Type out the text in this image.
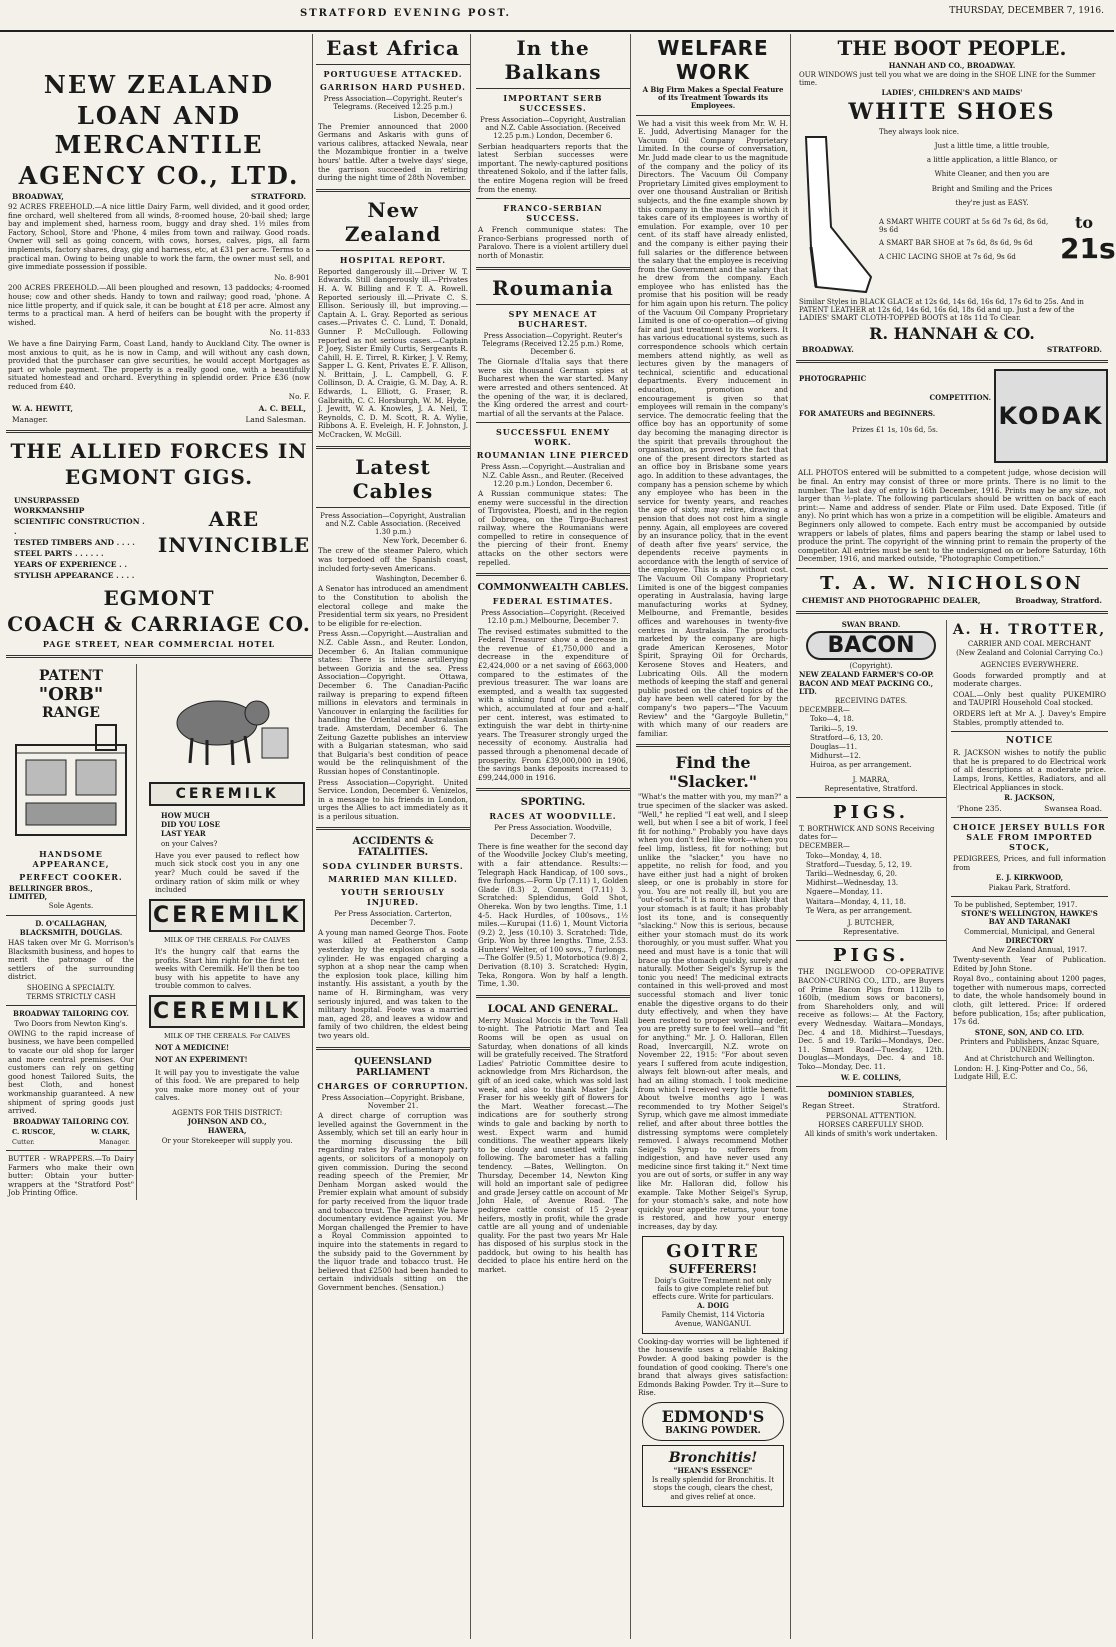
STRATFORD EVENING POST.	THURSDAY, DECEMBER 7, 1916.
NEW ZEALAND
LOAN AND MERCANTILE
AGENCY CO., LTD.
BROADWAY,	STRATFORD.
92 ACRES FREEHOLD.—A nice little Dairy Farm, well divided, and it good order, fine orchard, well sheltered from all winds, 8-roomed house, 20-bail shed; large bay and implement shed, harness room, buggy and dray shed. 1½ miles from Factory, School, Store and 'Phone, 4 miles from town and railway. Good roads. Owner will sell as going concern, with cows, horses, calves, pigs, all farm implements, factory shares, dray, gig and harness, etc, at £31 per acre. Terms to a practical man. Owing to being unable to work the farm, the owner must sell, and give immediate possession if possible.
No. 8-901
200 ACRES FREEHOLD.—All been ploughed and resown, 13 paddocks; 4-roomed house; cow and other sheds. Handy to town and railway; good road, 'phone. A nice little property, and if quick sale, it can be bought at £18 per acre. Almost any terms to a practical man. A herd of heifers can be bought with the property if wished.
No. 11-833
We have a fine Dairying Farm, Coast Land, handy to Auckland City. The owner is most anxious to quit, as he is now in Camp, and will without any cash down, provided that the purchaser can give securities, he would accept Mortgages as part or whole payment. The property is a really good one, with a beautifully situated homestead and orchard. Everything in splendid order. Price £36 (now reduced from £40.
No. F.
W. A. HEWITT,	A. C. BELL,
Manager.	Land Salesman.
THE ALLIED FORCES IN
EGMONT GIGS.
UNSURPASSED WORKMANSHIP
SCIENTIFIC CONSTRUCTION . .
TESTED TIMBERS AND . . . .
STEEL PARTS . . . . . .
YEARS OF EXPERIENCE . .
STYLISH APPEARANCE . . . .
ARE
INVINCIBLE
EGMONT
COACH & CARRIAGE CO.
PAGE STREET, NEAR COMMERCIAL HOTEL
PATENT
"ORB"
RANGE
HANDSOME APPEARANCE,
PERFECT COOKER.
BELLRINGER BROS., LIMITED,
Sole Agents.
D. O'CALLAGHAN,
BLACKSMITH, DOUGLAS.
HAS taken over Mr G. Morrison's Blacksmith business, and hopes to merit the patronage of the settlers of the surrounding district.
SHOEING A SPECIALTY.
TERMS STRICTLY CASH
BROADWAY TAILORING COY.
Two Doors from Newton King's.
OWING to the rapid increase of business, we have been compelled to vacate our old shop for larger and more central premises. Our customers can rely on getting good honest Tailored Suits, the best Cloth, and honest workmanship guaranteed. A new shipment of spring goods just arrived.
BROADWAY TAILORING COY.
C. RUSCOE,	W. CLARK,
Cutter.	Manager.
BUTTER - WRAPPERS.—To Dairy Farmers who make their own butter: Obtain your butter-wrappers at the "Stratford Post" Job Printing Office.
CEREMILK
HOW MUCH
DID YOU LOSE
LAST YEAR
on your Calves?
Have you ever paused to reflect how much sick stock cost you in any one year? Much could be saved if the ordinary ration of skim milk or whey included
CEREMILK
MILK OF THE CEREALS. For CALVES
It's the hungry calf that earns the profits. Start him right for the first ten weeks with Ceremilk. He'll then be too busy with his appetite to have any trouble common to calves.
CEREMILK
MILK OF THE CEREALS. For CALVES
NOT A MEDICINE!
NOT AN EXPERIMENT!
It will pay you to investigate the value of this food. We are prepared to help you make more money out of your calves.
AGENTS FOR THIS DISTRICT:
JOHNSON AND CO.,
HAWERA,
Or your Storekeeper will supply you.
East Africa
PORTUGUESE ATTACKED.
GARRISON HARD PUSHED.
Press Association—Copyright. Reuter's Telegrams. (Received 12.25 p.m.)
Lisbon, December 6.
The Premier announced that 2000 Germans and Askaris with guns of various calibres, attacked Newala, near the Mozambique frontier in a twelve hours' battle. After a twelve days' siege, the garrison succeeded in retiring during the night time of 28th November.
New Zealand
HOSPITAL REPORT.
Reported dangerously ill.—Driver W. T. Edwards. Still dangerously ill.—Privates H. A. W. Billing and F. T. A. Rowell. Reported seriously ill.—Private C. S. Ellison. Seriously ill, but improving.—Captain A. L. Gray. Reported as serious cases.—Privates C. C. Lund, T. Donald, Gunner P. McCullough. Following reported as not serious cases.—Captain P. Joey, Sister Emily Curtis, Sergeants R. Cahill, H. E. Tirrel, R. Kirker, J. V. Remy, Sapper L. G. Kent, Privates E. F. Allison, N. Brittain, J. L. Campbell, G. F. Collinson, D. A. Craigie, G. M. Day, A. R. Edwards, L. Elliott, G. Fraser, R. Galbraith, C. C. Horsburgh, W. M. Hyde, J. Jewitt, W. A. Knowles, J. A. Neil, T. Reynolds, C. D. M. Scott, R. A. Wylie, Ribbons A. E. Eveleigh, H. F. Johnston, J. McCracken, W. McGill.
Latest Cables
Press Association—Copyright, Australian and N.Z. Cable Association. (Received 1.30 p.m.)
New York, December 6.
The crew of the steamer Palero, which was torpedoed off the Spanish coast, included forty-seven Americans.
Washington, December 6.
A Senator has introduced an amendment to the Constitution to abolish the electoral college and make the Presidential term six years, no President to be eligible for re-election.
Press Assn.—Copyright.—Australian and N.Z. Cable Assn., and Reuter. London, December 6. An Italian communique states: There is intense artillerying between Gorizia and the sea. Press Association—Copyright. Ottawa, December 6. The Canadian-Pacific railway is preparing to expend fifteen millions in elevators and terminals in Vancouver in enlarging the facilities for handling the Oriental and Australasian trade. Amsterdam, December 6. The Zeitung Gazette publishes an interview with a Bulgarian statesman, who said that Bulgaria's best condition of peace would be the relinquishment of the Russian hopes of Constantinople.
Press Association—Copyright. United Service. London, December 6. Venizelos, in a message to his friends in London, urges the Allies to act immediately as it is a perilous situation.
ACCIDENTS & FATALITIES.
SODA CYLINDER BURSTS.
MARRIED MAN KILLED.
YOUTH SERIOUSLY INJURED.
Per Press Association. Carterton, December 7.
A young man named George Thos. Foote was killed at Featherston Camp yesterday by the explosion of a soda cylinder. He was engaged charging a syphon at a shop near the camp when the explosion took place, killing him instantly. His assistant, a youth by the name of H. Birmingham, was very seriously injured, and was taken to the military hospital. Foote was a married man, aged 28, and leaves a widow and family of two children, the eldest being two years old.
QUEENSLAND PARLIAMENT
CHARGES OF CORRUPTION.
Press Association—Copyright. Brisbane, November 21.
A direct charge of corruption was levelled against the Government in the Assembly, which set till an early hour in the morning discussing the bill regarding rates by Parliamentary party agents, or solicitors of a monopoly on given commission. During the second reading speech of the Premier, Mr Denham Morgan asked would the Premier explain what amount of subsidy for party received from the liquor trade and tobacco trust. The Premier: We have documentary evidence against you. Mr Morgan challenged the Premier to have a Royal Commission appointed to inquire into the statements in regard to the subsidy paid to the Government by the liquor trade and tobacco trust. He believed that £2500 had been handed to certain individuals sitting on the Government benches. (Sensation.)
In the Balkans
IMPORTANT SERB SUCCESSES.
Press Association—Copyright, Australian and N.Z. Cable Association. (Received 12.25 p.m.) London, December 6.
Serbian headquarters reports that the latest Serbian successes were important. The newly-captured positions threatened Sokolo, and if the latter falls, the entire Mogena region will be freed from the enemy.
FRANCO-SERBIAN SUCCESS.
A French communique states: The Franco-Serbians progressed north of Paralovo. There is a violent artillery duel north of Monastir.
Roumania
SPY MENACE AT BUCHAREST.
Press Association—Copyright. Reuter's Telegrams (Received 12.25 p.m.) Rome, December 6.
The Giornale d'Italia says that there were six thousand German spies at Bucharest when the war started. Many were arrested and others sentenced. At the opening of the war, it is declared, the King ordered the arrest and court-martial of all the servants at the Palace.
SUCCESSFUL ENEMY WORK.
ROUMANIAN LINE PIERCED
Press Assn.—Copyright.—Australian and N.Z. Cable Assn., and Reuter. (Received 12.20 p.m.) London, December 6.
A Russian communique states: The enemy were successful in the direction of Tirgovistea, Ploesti, and in the region of Dobrogea, on the Tirgo-Bucharest railway, where the Roumanians were compelled to retire in consequence of the piercing of their front. Enemy attacks on the other sectors were repelled.
COMMONWEALTH CABLES.
FEDERAL ESTIMATES.
Press Association—Copyright. (Received 12.10 p.m.) Melbourne, December 7.
The revised estimates submitted to the Federal Treasurer show a decrease in the revenue of £1,750,000 and a decrease in the expenditure of £2,424,000 or a net saving of £663,000 compared to the estimates of the previous treasurer. The war loans are exempted, and a wealth tax suggested with a sinking fund of one per cent., which, accumulated at four and a-half per cent. interest, was estimated to extinguish the war debt in thirty-nine years. The Treasurer strongly urged the necessity of economy. Australia had passed through a phenomenal decade of prosperity. From £39,000,000 in 1906, the savings banks deposits increased to £99,244,000 in 1916.
SPORTING.
RACES AT WOODVILLE.
Per Press Association. Woodville, December 7.
There is fine weather for the second day of the Woodville Jockey Club's meeting, with a fair attendance. Results:— Telegraph Hack Handicap, of 100 sovs., five furlongs.—Form Up (7.11) 1, Golden Glade (8.3) 2, Comment (7.11) 3. Scratched: Splendidus, Gold Shot, Ohereka. Won by two lengths. Time, 1.1 4-5. Hack Hurdles, of 100sovs., 1½ miles.—Kurupai (11.6) 1, Mount Victoria (9.2) 2, Jess (10.10) 3. Scratched: Tide, Grip. Won by three lengths. Time, 2.53. Hunters' Welter, of 100 sovs., 7 furlongs.—The Golfer (9.5) 1, Motorbotica (9.8) 2, Derivation (8.10) 3. Scratched: Hygin, Teka, Rongora. Won by half a length. Time, 1.30.
LOCAL AND GENERAL.
Merry Musical Moccis in the Town Hall to-night. The Patriotic Mart and Tea Rooms will be open as usual on Saturday, when donations of all kinds will be gratefully received. The Stratford Ladies' Patriotic Committee desire to acknowledge from Mrs Richardson, the gift of an iced cake, which was sold last week, and also to thank Master Jack Fraser for his weekly gift of flowers for the Mart. Weather forecast.—The indications are for southerly strong winds to gale and backing by north to west. Expect warm and humid conditions. The weather appears likely to be cloudy and unsettled with rain following. The barometer has a falling tendency. —Bates, Wellington. On Thursday, December 14, Newton King will hold an important sale of pedigree and grade Jersey cattle on account of Mr John Hale, of Avenue Road. The pedigree cattle consist of 15 2-year heifers, mostly in profit, while the grade cattle are all young and of undeniable quality. For the past two years Mr Hale has disposed of his surplus stock in the paddock, but owing to his health has decided to place his entire herd on the market.
WELFARE WORK
A Big Firm Makes a Special Feature of its Treatment Towards its Employees.
We had a visit this week from Mr. W. H. E. Judd, Advertising Manager for the Vacuum Oil Company Proprietary Limited. In the course of conversation, Mr. Judd made clear to us the magnitude of the company and the policy of its Directors. The Vacuum Oil Company Proprietary Limited gives employment to over one thousand Australian or British subjects, and the fine example shown by this company in the manner in which it takes care of its employees is worthy of emulation. For example, over 10 per cent. of its staff have already enlisted, and the company is either paying their full salaries or the difference between the salary that the employee is receiving from the Government and the salary that he drew from the company. Each employee who has enlisted has the promise that his position will be ready for him again upon his return. The policy of the Vacuum Oil Company Proprietary Limited is one of co-operation—of giving fair and just treatment to its workers. It has various educational systems, such as correspondence schools which certain members attend nightly, as well as lectures given by the managers of technical, scientific and educational departments. Every inducement in education, promotion and encouragement is given so that employees will remain in the company's service. The democratic feeling that the office boy has an opportunity of some day becoming the managing director is the spirit that prevails throughout the organisation, as proved by the fact that one of the present directors started as an office boy in Brisbane some years ago. In addition to these advantages, the company has a pension scheme by which any employee who has been in the service for twenty years, and reaches the age of sixty, may retire, drawing a pension that does not cost him a single penny. Again, all employees are covered by an insurance policy, that in the event of death after five years' service, the dependents receive payments in accordance with the length of service of the employee. This is also without cost. The Vacuum Oil Company Proprietary Limited is one of the biggest companies operating in Australasia, having large manufacturing works at Sydney, Melbourne, and Fremantle, besides offices and warehouses in twenty-five centres in Australasia. The products marketed by the company are high-grade American Kerosenes, Motor Spirit, Spraying Oil for Orchards, Kerosene Stoves and Heaters, and Lubricating Oils. All the modern methods of keeping the staff and general public posted on the chief topics of the day have been well catered for by the company's two papers—"The Vacuum Review" and the "Gargoyle Bulletin," with which many of our readers are familiar.
Find the "Slacker."
"What's the matter with you, my man?" a true specimen of the slacker was asked. "Well," he replied "I eat well, and I sleep well, but when I see a bit of work, I feel fit for nothing." Probably you have days when you don't feel like work—when you feel limp, listless, fit for nothing; but unlike the "slacker," you have no appetite, no relish for food, and you have either just had a night of broken sleep, or one is probably in store for you. You are not really ill, but you are "out-of-sorts." It is more than likely that your stomach is at fault; it has probably lost its tone, and is consequently "slacking." Now this is serious, because either your stomach must do its work thoroughly, or you must suffer. What you need and must have is a tonic that will brace up the stomach quickly, surely and naturally. Mother Seigel's Syrup is the tonic you need! The medicinal extracts contained in this well-proved and most successful stomach and liver tonic enable the digestive organs to do their duty effectively, and when they have been restored to proper working order, you are pretty sure to feel well—and "fit for anything." Mr. J. O. Halloran, Ellen Road, Invercargill, N.Z. wrote on November 22, 1915: "For about seven years I suffered from acute indigestion, always felt blown-out after meals, and had an ailing stomach. I took medicine from which I received very little benefit. About twelve months ago I was recommended to try Mother Seigel's Syrup, which gave me almost immediate relief, and after about three bottles the distressing symptoms were completely removed. I always recommend Mother Seigel's Syrup to sufferers from indigestion, and have never used any medicine since first taking it." Next time you are out of sorts, or suffer in any way like Mr. Halloran did, follow his example. Take Mother Seigel's Syrup, for your stomach's sake, and note how quickly your appetite returns, your tone is restored, and how your energy increases, day by day.
GOITRE
SUFFERERS!
Doig's Goitre Treatment not only fails to give complete relief but effects cure. Write for particulars.
A. DOIG
Family Chemist, 114 Victoria Avenue, WANGANUI.
Cooking-day worries will be lightened if the housewife uses a reliable Baking Powder. A good baking powder is the foundation of good cooking. There's one brand that always gives satisfaction: Edmonds Baking Powder. Try it—Sure to Rise.
EDMOND'S
BAKING POWDER.
Bronchitis!
"HEAN'S ESSENCE"
Is really splendid for Bronchitis. It stops the cough, clears the chest, and gives relief at once.
THE BOOT PEOPLE.
HANNAH AND CO., BROADWAY.
OUR WINDOWS just tell you what we are doing in the SHOE LINE for the Summer time.
LADIES', CHILDREN'S AND MAIDS'
WHITE SHOES
They always look nice.
Just a little time, a little trouble,
a little application, a little Blanco, or
White Cleaner, and then you are
Bright and Smiling and the Prices
they're just as EASY.
A SMART WHITE COURT at 5s 6d 7s 6d, 8s 6d, 9s 6d
A SMART BAR SHOE at 7s 6d, 8s 6d, 9s 6d
A CHIC LACING SHOE at 7s 6d, 9s 6d
to
21s
Similar Styles in BLACK GLACE at 12s 6d, 14s 6d, 16s 6d, 17s 6d to 25s. And in PATENT LEATHER at 12s 6d, 14s 6d, 16s 6d, 18s 6d and up. Just a few of the LADIES' SMART CLOTH-TOPPED BOOTS at 18s 11d To Clear.
R. HANNAH & CO.
BROADWAY.	STRATFORD.
PHOTOGRAPHIC
COMPETITION.
FOR AMATEURS and BEGINNERS.
Prizes £1 1s, 10s 6d, 5s.	KODAK
ALL PHOTOS entered will be submitted to a competent judge, whose decision will be final. An entry may consist of three or more prints. There is no limit to the number. The last day of entry is 16th December, 1916. Prints may be any size, not larger than ½-plate. The following particulars should be written on back of each print:— Name and address of sender. Plate or Film used. Date Exposed. Title (if any). No print which has won a prize in a competition will be eligible. Amateurs and Beginners only allowed to compete. Each entry must be accompanied by outside wrappers or labels of plates, films and papers bearing the stamp or label used to produce the print. The copyright of the winning print to remain the property of the competitor. All entries must be sent to the undersigned on or before Saturday, 16th December, 1916, and marked outside, "Photographic Competition."
T. A. W. NICHOLSON
CHEMIST AND PHOTOGRAPHIC DEALER,	Broadway, Stratford.
SWAN BRAND.
BACON
(Copyright).
NEW ZEALAND FARMER'S CO-OP. BACON AND MEAT PACKING CO., LTD.
RECEIVING DATES.
DECEMBER—
Toko—4, 18.
Tariki—5, 19.
Stratford—6, 13, 20.
Douglas—11.
Midhurst—12.
Huiroa, as per arrangement.
J. MARRA,
Representative, Stratford.
PIGS.
T. BORTHWICK AND SONS Receiving dates for—
DECEMBER—
Toko—Monday, 4, 18.
Stratford—Tuesday, 5, 12, 19.
Tariki—Wednesday, 6, 20.
Midhirst—Wednesday, 13.
Ngaere—Monday, 11.
Waitara—Monday, 4, 11, 18.
Te Wera, as per arrangement.
J. BUTCHER,
Representative.
PIGS.
THE INGLEWOOD CO-OPERATIVE BACON-CURING CO., LTD., are Buyers of Prime Bacon Pigs from 112lb to 160lb, (medium sows or baconers), from Shareholders only, and will receive as follows:— At the Factory, every Wednesday. Waitara—Mondays, Dec. 4 and 18. Midhirst—Tuesdays, Dec. 5 and 19. Tariki—Mondays, Dec. 11. Smart Road—Tuesday, 12th. Douglas—Mondays, Dec. 4 and 18. Toko—Monday, Dec. 11.
W. E. COLLINS,
DOMINION STABLES,
Regan Street.	Stratford.
PERSONAL ATTENTION.
HORSES CAREFULLY SHOD.
All kinds of smith's work undertaken.
A. H. TROTTER,
CARRIER AND COAL MERCHANT
(New Zealand and Colonial Carrying Co.)
AGENCIES EVERYWHERE.
Goods forwarded promptly and at moderate charges.
COAL.—Only best quality PUKEMIRO and TAUPIRI Household Coal stocked.
ORDERS left at Mr A. J. Davey's Empire Stables, promptly attended to.
NOTICE
R. JACKSON wishes to notify the public that he is prepared to do Electrical work of all descriptions at a moderate price. Lamps, Irons, Kettles, Radiators, and all Electrical Appliances in stock.
R. JACKSON,
'Phone 235.	Swansea Road.
CHOICE JERSEY BULLS FOR SALE FROM IMPORTED STOCK,
PEDIGREES, Prices, and full information from
E. J. KIRKWOOD,
Piakau Park, Stratford.
To be published, September, 1917.
STONE'S WELLINGTON, HAWKE'S BAY AND TARANAKI
Commercial, Municipal, and General
DIRECTORY
And New Zealand Annual, 1917.
Twenty-seventh Year of Publication. Edited by John Stone.
Royal 8vo., containing about 1200 pages, together with numerous maps, corrected to date, the whole handsomely bound in cloth, gilt lettered. Price: If ordered before publication, 15s; after publication, 17s 6d.
STONE, SON, AND CO. LTD.
Printers and Publishers, Anzac Square, DUNEDIN;
And at Christchurch and Wellington.
London: H. J. King-Potter and Co., 56, Ludgate Hill, E.C.
